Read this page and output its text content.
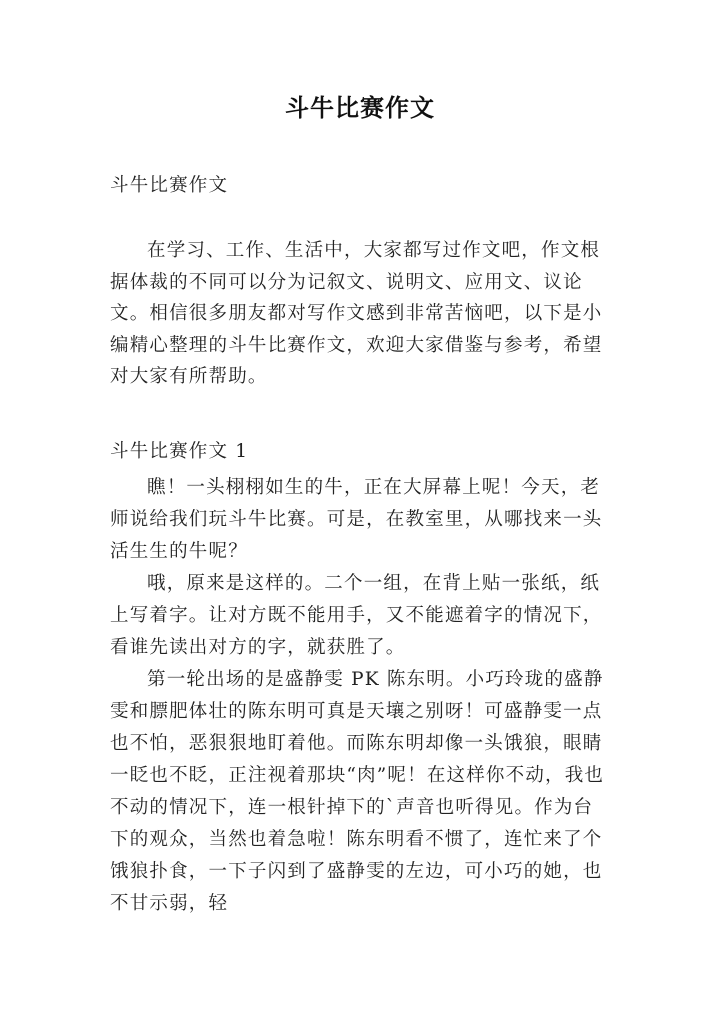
斗牛比赛作文
斗牛比赛作文

在学习、工作、生活中，大家都写过作文吧，作文根据体裁的不同可以分为记叙文、说明文、应用文、议论文。相信很多朋友都对写作文感到非常苦恼吧，以下是小编精心整理的斗牛比赛作文，欢迎大家借鉴与参考，希望对大家有所帮助。

斗牛比赛作文 1

瞧！一头栩栩如生的牛，正在大屏幕上呢！今天，老师说给我们玩斗牛比赛。可是，在教室里，从哪找来一头活生生的牛呢？

哦，原来是这样的。二个一组，在背上贴一张纸，纸上写着字。让对方既不能用手，又不能遮着字的情况下，看谁先读出对方的字，就获胜了。

第一轮出场的是盛静雯 PK 陈东明。小巧玲珑的盛静雯和膘肥体壮的陈东明可真是天壤之别呀！可盛静雯一点也不怕，恶狠狠地盯着他。而陈东明却像一头饿狼，眼睛一眨也不眨，正注视着那块“肉”呢！在这样你不动，我也不动的情况下，连一根针掉下的`声音也听得见。作为台下的观众，当然也着急啦！陈东明看不惯了，连忙来了个饿狼扑食，一下子闪到了盛静雯的左边，可小巧的她，也不甘示弱，轻
